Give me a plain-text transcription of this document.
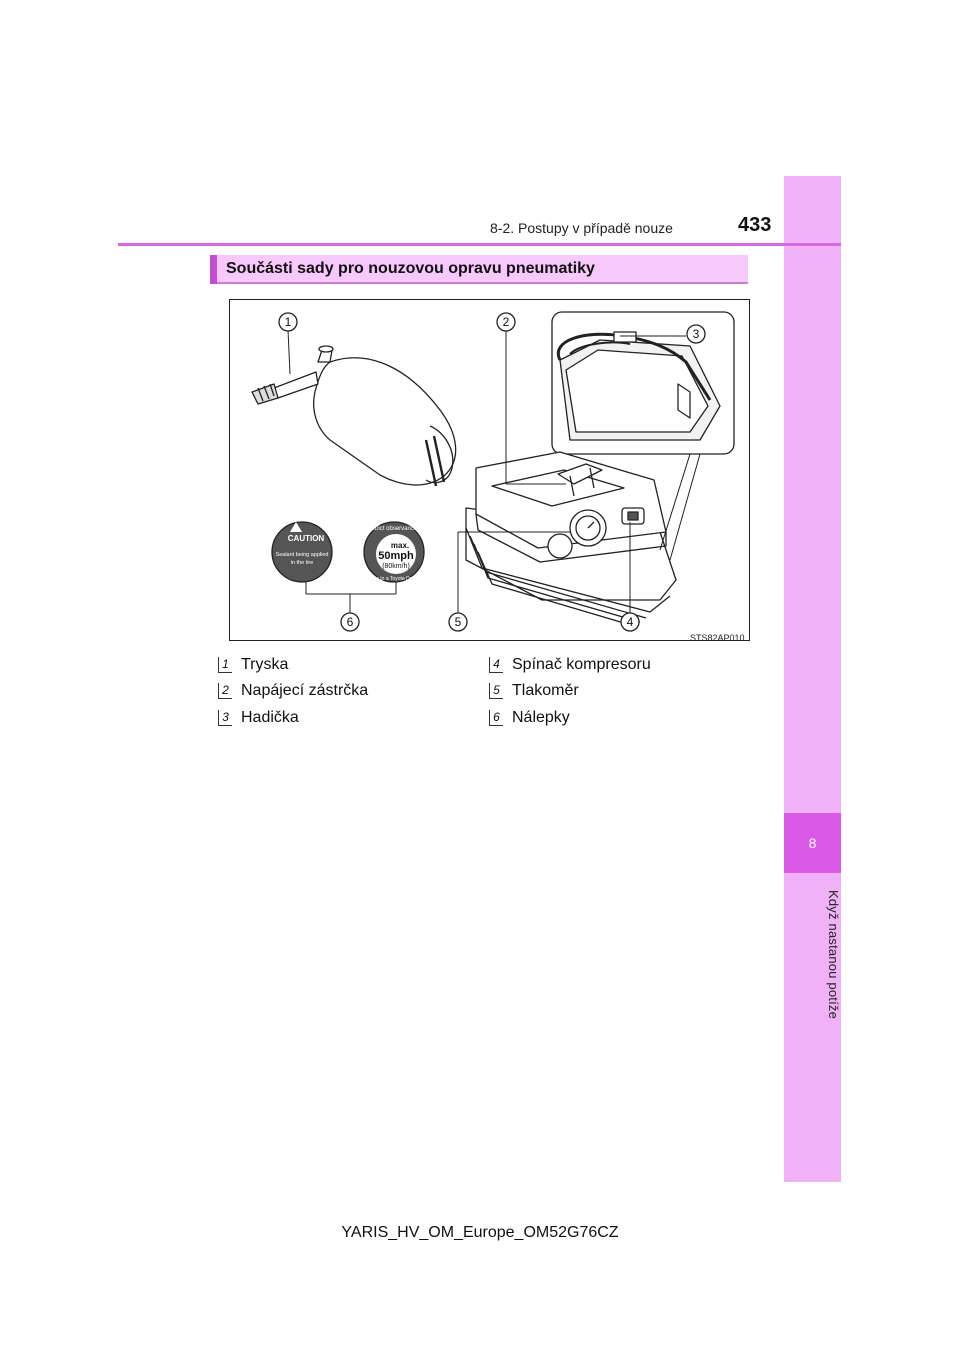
8
Když nastanou potíže
8-2. Postupy v případě nouze	433
Součásti sady pro nouzovou opravu pneumatiky
CAUTION
Sealant being applied
in the tire
Strict observance
Drive to a Toyota Dealer
max.
50mph
(80km/h)
1	2
3
4
5
6
STS82AP010
1 Tryska
2 Napájecí zástrčka
3 Hadička
4 Spínač kompresoru
5 Tlakoměr
6 Nálepky
YARIS_HV_OM_Europe_OM52G76CZ
